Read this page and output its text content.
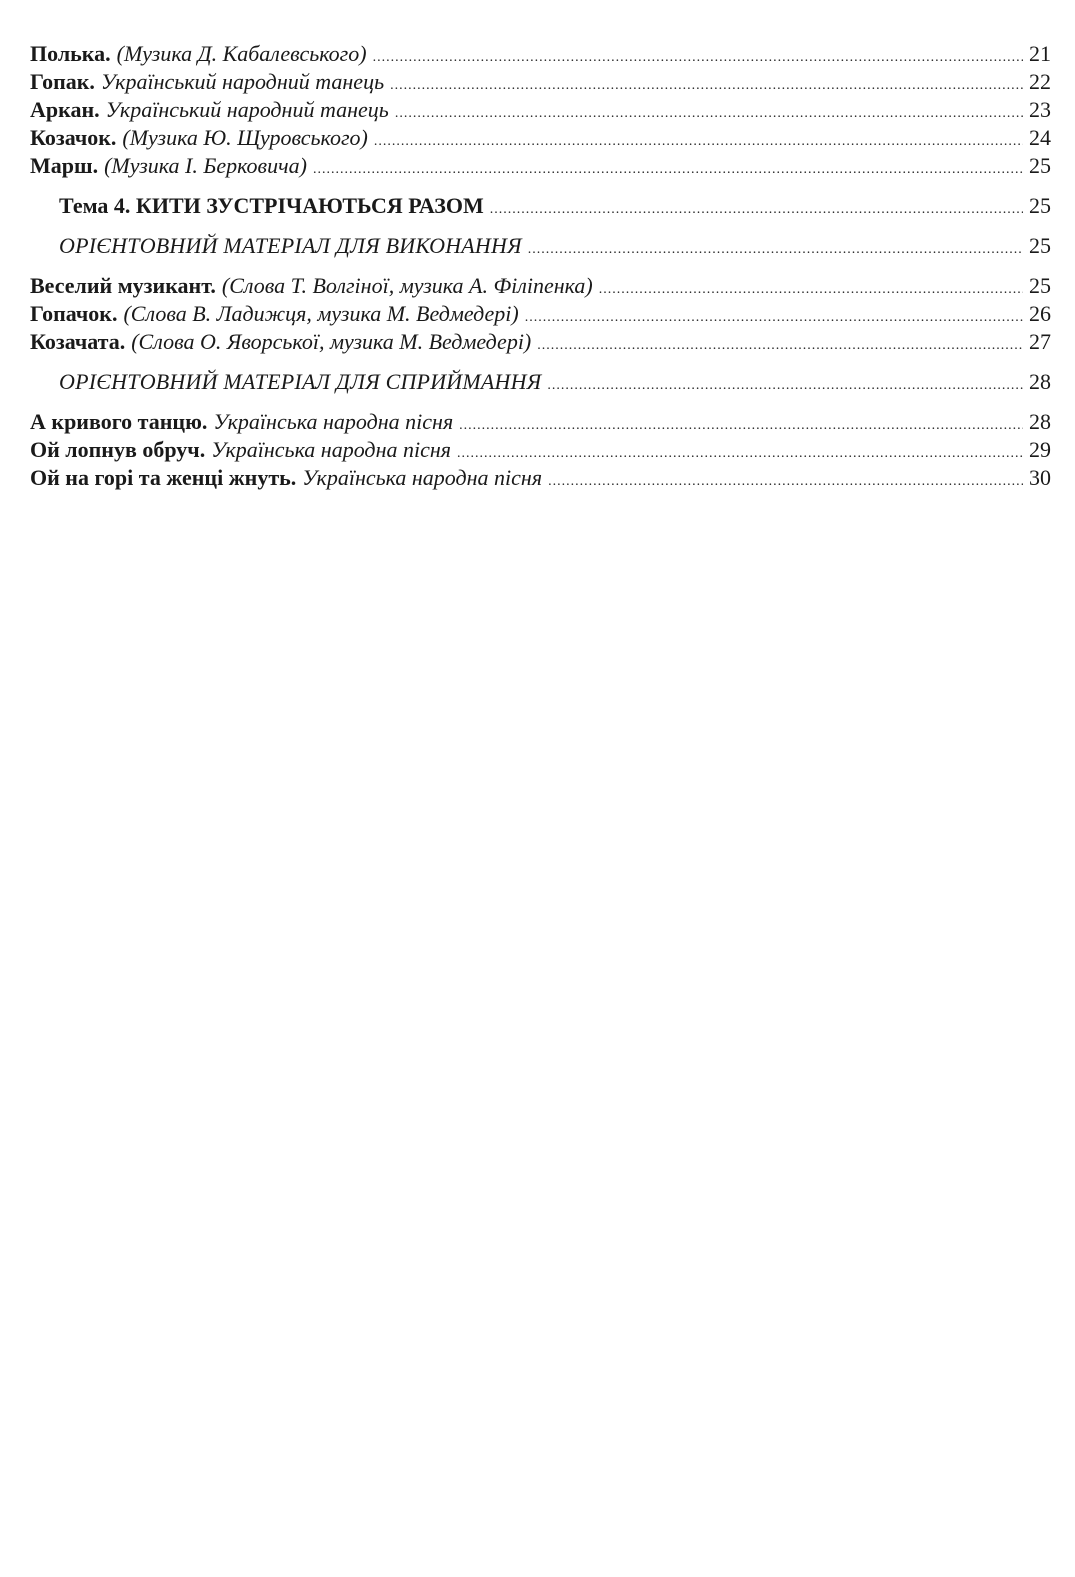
Полька. (Музика Д. Кабалевського) .....	21
Гопак. Український народний танець .....	22
Аркан. Український народний танець .....	23
Козачок. (Музика Ю. Щуровського) .....	24
Марш. (Музика І. Берковича) .....	25
Тема 4. КИТИ ЗУСТРІЧАЮТЬСЯ РАЗОМ .....	25
ОРІЄНТОВНИЙ МАТЕРІАЛ ДЛЯ ВИКОНАННЯ .....	25
Веселий музикант. (Слова Т. Волгіної, музика А. Філіпенка) .....	25
Гопачок. (Слова В. Ладижця, музика М. Ведмедері) .....	26
Козачата. (Слова О. Яворської, музика М. Ведмедері) .....	27
ОРІЄНТОВНИЙ МАТЕРІАЛ ДЛЯ СПРИЙМАННЯ .....	28
А кривого танцю. Українська народна пісня .....	28
Ой лопнув обруч. Українська народна пісня .....	29
Ой на горі та женці жнуть. Українська народна пісня .....	30
